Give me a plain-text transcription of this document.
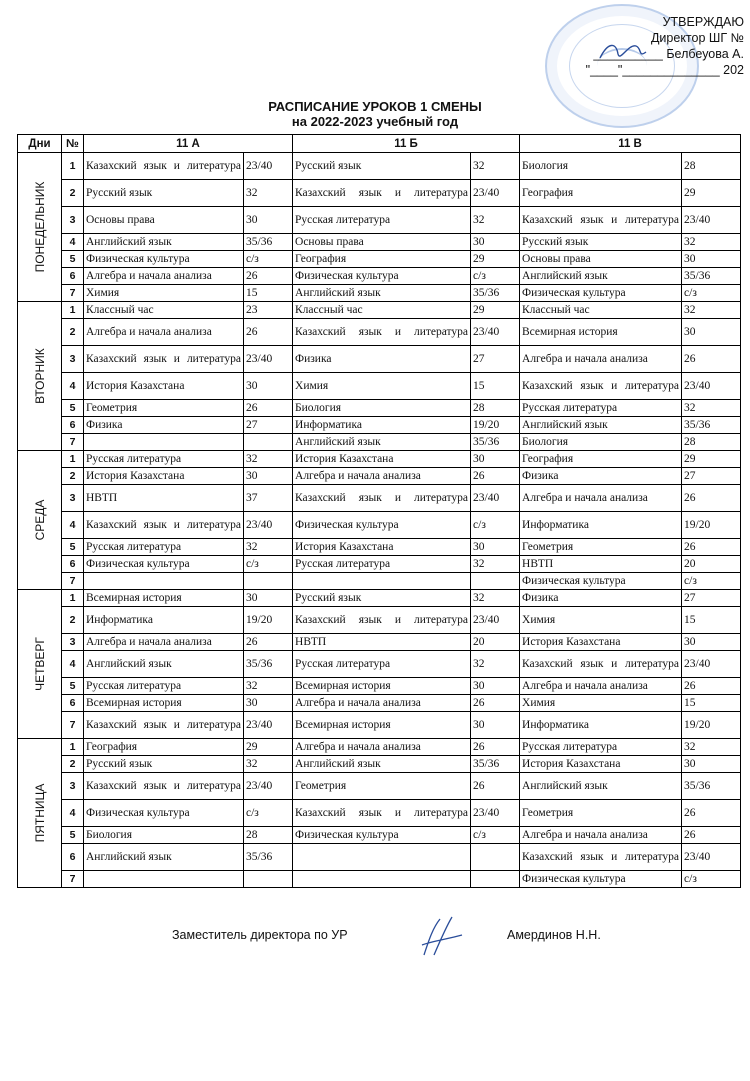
УТВЕРЖДАЮ
Директор ШГ №
__________ Белбеуова А.
"____"______________ 202
РАСПИСАНИЕ УРОКОВ 1 СМЕНЫ
на 2022-2023 учебный год
Дни	№	11 А		11 Б		11 В	

ПОНЕДЕЛЬНИК	1	Казахский язык и литература	23/40	Русский язык	32	Биология	28
	2	Русский язык	32	Казахский язык и литература	23/40	География	29
	3	Основы права	30	Русская литература	32	Казахский язык и литература	23/40
	4	Английский язык	35/36	Основы права	30	Русский язык	32
	5	Физическая культура	с/з	География	29	Основы права	30
	6	Алгебра и начала анализа	26	Физическая культура	с/з	Английский язык	35/36
	7	Химия	15	Английский язык	35/36	Физическая культура	с/з

ВТОРНИК	1	Классный час	23	Классный час	29	Классный час	32
	2	Алгебра и начала анализа	26	Казахский язык и литература	23/40	Всемирная история	30
	3	Казахский язык и литература	23/40	Физика	27	Алгебра и начала анализа	26
	4	История Казахстана	30	Химия	15	Казахский язык и литература	23/40
	5	Геометрия	26	Биология	28	Русская литература	32
	6	Физика	27	Информатика	19/20	Английский язык	35/36
	7			Английский язык	35/36	Биология	28

СРЕДА	1	Русская литература	32	История Казахстана	30	География	29
	2	История Казахстана	30	Алгебра и начала анализа	26	Физика	27
	3	НВТП	37	Казахский язык и литература	23/40	Алгебра и начала анализа	26
	4	Казахский язык и литература	23/40	Физическая культура	с/з	Информатика	19/20
	5	Русская литература	32	История Казахстана	30	Геометрия	26
	6	Физическая культура	с/з	Русская литература	32	НВТП	20
	7					Физическая культура	с/з

ЧЕТВЕРГ	1	Всемирная история	30	Русский язык	32	Физика	27
	2	Информатика	19/20	Казахский язык и литература	23/40	Химия	15
	3	Алгебра и начала анализа	26	НВТП	20	История Казахстана	30
	4	Английский язык	35/36	Русская литература	32	Казахский язык и литература	23/40
	5	Русская литература	32	Всемирная история	30	Алгебра и начала анализа	26
	6	Всемирная история	30	Алгебра и начала анализа	26	Химия	15
	7	Казахский язык и литература	23/40	Всемирная история	30	Информатика	19/20

ПЯТНИЦА	1	География	29	Алгебра и начала анализа	26	Русская литература	32
	2	Русский язык	32	Английский язык	35/36	История Казахстана	30
	3	Казахский язык и литература	23/40	Геометрия	26	Английский язык	35/36
	4	Физическая культура	с/з	Казахский язык и литература	23/40	Геометрия	26
	5	Биология	28	Физическая культура	с/з	Алгебра и начала анализа	26
	6	Английский язык	35/36			Казахский язык и литература	23/40
	7					Физическая культура	с/з
Заместитель директора по УР	Амердинов Н.Н.
